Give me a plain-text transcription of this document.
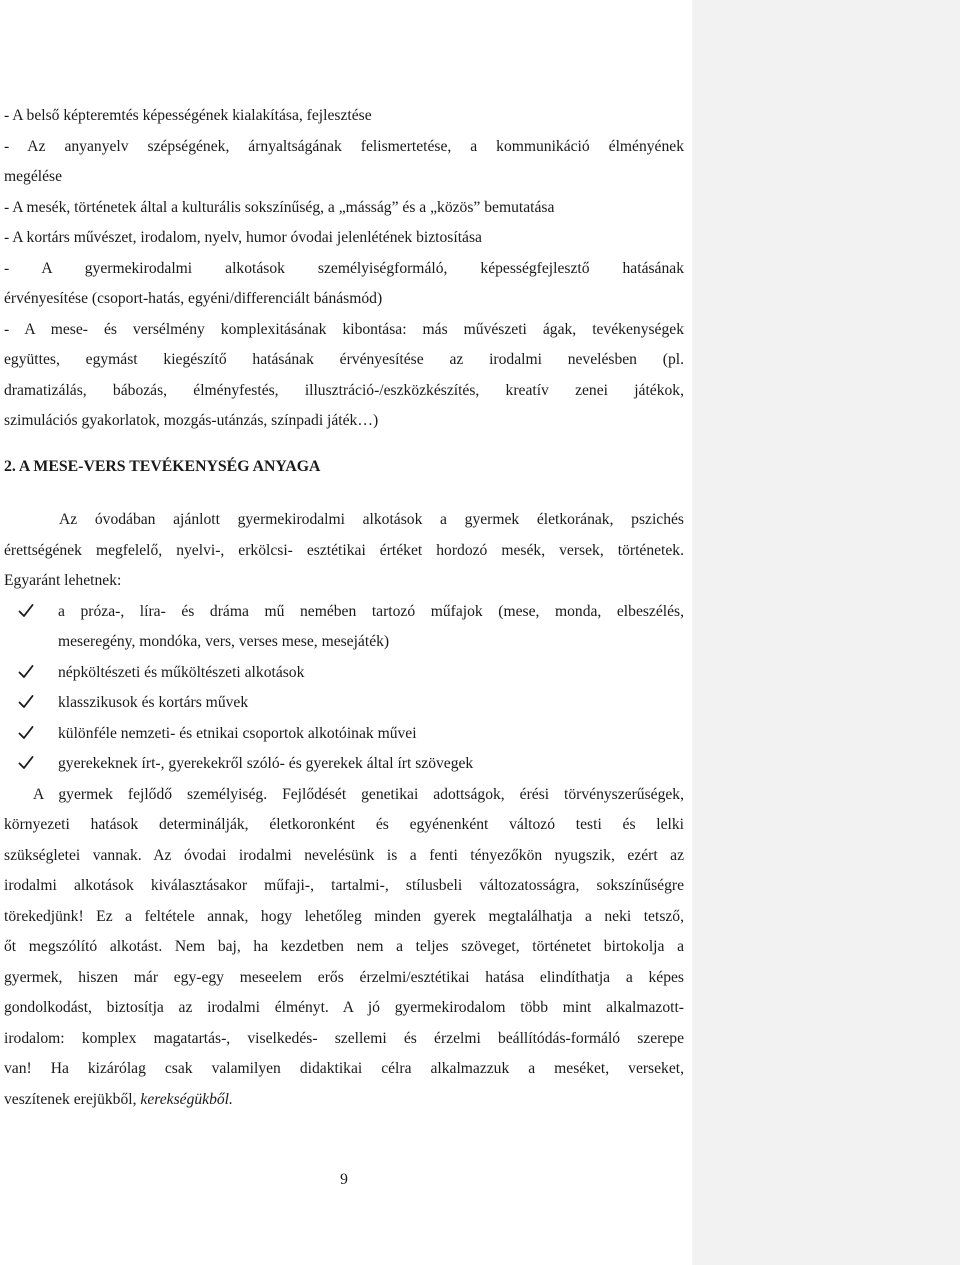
- A belső képteremtés képességének kialakítása, fejlesztése

- Az anyanyelv szépségének, árnyaltságának felismertetése, a kommunikáció élményének

megélése

- A mesék, történetek által a kulturális sokszínűség, a „másság” és a „közös” bemutatása

- A kortárs művészet, irodalom, nyelv, humor óvodai jelenlétének biztosítása

- A gyermekirodalmi alkotások személyiségformáló, képességfejlesztő hatásának

érvényesítése (csoport-hatás, egyéni/differenciált bánásmód)

- A mese- és versélmény komplexitásának kibontása: más művészeti ágak, tevékenységek

együttes, egymást kiegészítő hatásának érvényesítése az irodalmi nevelésben (pl.

dramatizálás, bábozás, élményfestés, illusztráció-/eszközkészítés, kreatív zenei játékok,

szimulációs gyakorlatok, mozgás-utánzás, színpadi játék…)

2. A MESE-VERS TEVÉKENYSÉG ANYAGA

Az óvodában ajánlott gyermekirodalmi alkotások a gyermek életkorának, pszichés

érettségének megfelelő, nyelvi-, erkölcsi- esztétikai értéket hordozó mesék, versek, történetek.

Egyaránt lehetnek:

a próza-, líra- és dráma mű nemében tartozó műfajok (mese, monda, elbeszélés,

meseregény, mondóka, vers, verses mese, mesejáték)

népköltészeti és műköltészeti alkotások

klasszikusok és kortárs művek

különféle nemzeti- és etnikai csoportok alkotóinak művei

gyerekeknek írt-, gyerekekről szóló- és gyerekek által írt szövegek

A gyermek fejlődő személyiség. Fejlődését genetikai adottságok, érési törvényszerűségek,

környezeti hatások determinálják, életkoronként és egyénenként változó testi és lelki

szükségletei vannak. Az óvodai irodalmi nevelésünk is a fenti tényezőkön nyugszik, ezért az

irodalmi alkotások kiválasztásakor műfaji-, tartalmi-, stílusbeli változatosságra, sokszínűségre

törekedjünk! Ez a feltétele annak, hogy lehetőleg minden gyerek megtalálhatja a neki tetsző,

őt megszólító alkotást. Nem baj, ha kezdetben nem a teljes szöveget, történetet birtokolja a

gyermek, hiszen már egy-egy meseelem erős érzelmi/esztétikai hatása elindíthatja a képes

gondolkodást, biztosítja az irodalmi élményt. A jó gyermekirodalom több mint alkalmazott-

irodalom: komplex magatartás-, viselkedés- szellemi és érzelmi beállítódás-formáló szerepe

van! Ha kizárólag csak valamilyen didaktikai célra alkalmazzuk a meséket, verseket,

veszítenek erejükből, kerekségükből.

9
